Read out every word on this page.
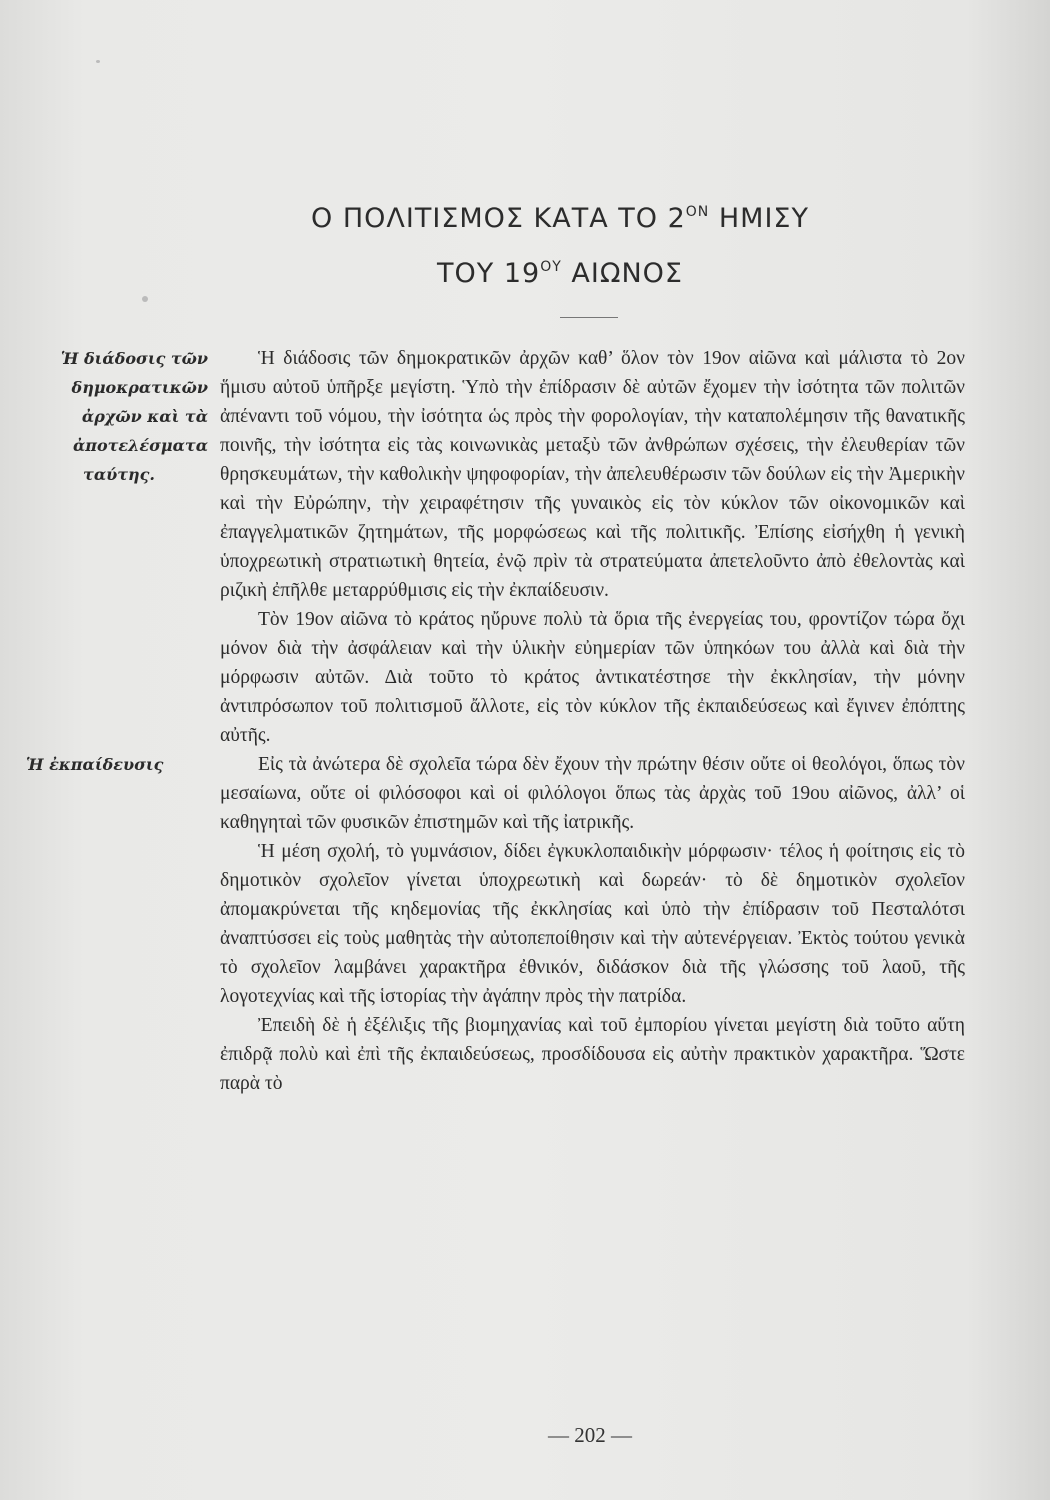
Ο ΠΟΛΙΤΙΣΜΟΣ ΚΑΤΑ ΤΟ $2^{ON}$ ΗΜΙΣΥ
ΤΟΥ $19^{O\Upsilon}$ ΑΙΩΝΟΣ
Ἡ διάδοσις τῶν
δημοκρατικῶν
ἀρχῶν καὶ τὰ
ἀποτελέσματα
ταύτης.
Ἡ ἐκπαίδευσις

Ἡ διάδοσις τῶν δημοκρατικῶν ἀρχῶν καθ’ ὅλον τὸν 19ον αἰῶνα καὶ μάλιστα τὸ 2ον ἥμισυ αὐτοῦ ὑπῆρξε μεγίστη. Ὑπὸ τὴν ἐπίδρασιν δὲ αὐτῶν ἔχομεν τὴν ἰσότητα τῶν πολιτῶν ἀπέναντι τοῦ νόμου, τὴν ἰσότητα ὡς πρὸς τὴν φορολογίαν, τὴν καταπολέμησιν τῆς θανατικῆς ποινῆς, τὴν ἰσότητα εἰς τὰς κοινωνικὰς μεταξὺ τῶν ἀνθρώπων σχέσεις, τὴν ἐλευθερίαν τῶν θρησκευμάτων, τὴν καθολικὴν ψηφοφορίαν, τὴν ἀπελευθέρωσιν τῶν δούλων εἰς τὴν Ἀμερικὴν καὶ τὴν Εὐρώπην, τὴν χειραφέτησιν τῆς γυναικὸς εἰς τὸν κύκλον τῶν οἰκονομικῶν καὶ ἐπαγγελματικῶν ζητημάτων, τῆς μορφώσεως καὶ τῆς πολιτικῆς. Ἐπίσης εἰσήχθη ἡ γενικὴ ὑποχρεωτικὴ στρατιωτικὴ θητεία, ἐνῷ πρὶν τὰ στρατεύματα ἀπετελοῦντο ἀπὸ ἐθελοντὰς καὶ ριζικὴ ἐπῆλθε μεταρρύθμισις εἰς τὴν ἐκπαίδευσιν.

Τὸν 19ον αἰῶνα τὸ κράτος ηὔρυνε πολὺ τὰ ὅρια τῆς ἐνεργείας του, φροντίζον τώρα ὄχι μόνον διὰ τὴν ἀσφάλειαν καὶ τὴν ὑλικὴν εὐημερίαν τῶν ὑπηκόων του ἀλλὰ καὶ διὰ τὴν μόρφωσιν αὐτῶν. Διὰ τοῦτο τὸ κράτος ἀντικατέστησε τὴν ἐκκλησίαν, τὴν μόνην ἀντιπρόσωπον τοῦ πολιτισμοῦ ἄλλοτε, εἰς τὸν κύκλον τῆς ἐκπαιδεύσεως καὶ ἔγινεν ἐπόπτης αὐτῆς.

Εἰς τὰ ἀνώτερα δὲ σχολεῖα τώρα δὲν ἔχουν τὴν πρώτην θέσιν οὔτε οἱ θεολόγοι, ὅπως τὸν μεσαίωνα, οὔτε οἱ φιλόσοφοι καὶ οἱ φιλόλογοι ὅπως τὰς ἀρχὰς τοῦ 19ου αἰῶνος, ἀλλ’ οἱ καθηγηταὶ τῶν φυσικῶν ἐπιστημῶν καὶ τῆς ἰατρικῆς.

Ἡ μέση σχολή, τὸ γυμνάσιον, δίδει ἐγκυκλοπαιδικὴν μόρφωσιν· τέλος ἡ φοίτησις εἰς τὸ δημοτικὸν σχολεῖον γίνεται ὑποχρεωτικὴ καὶ δωρεάν· τὸ δὲ δημοτικὸν σχολεῖον ἀπομακρύνεται τῆς κηδεμονίας τῆς ἐκκλησίας καὶ ὑπὸ τὴν ἐπίδρασιν τοῦ Πεσταλότσι ἀναπτύσσει εἰς τοὺς μαθητὰς τὴν αὐτοπεποίθησιν καὶ τὴν αὐτενέργειαν. Ἐκτὸς τούτου γενικὰ τὸ σχολεῖον λαμβάνει χαρακτῆρα ἐθνικόν, διδάσκον διὰ τῆς γλώσσης τοῦ λαοῦ, τῆς λογοτεχνίας καὶ τῆς ἱστορίας τὴν ἀγάπην πρὸς τὴν πατρίδα.

Ἐπειδὴ δὲ ἡ ἐξέλιξις τῆς βιομηχανίας καὶ τοῦ ἐμπορίου γίνεται μεγίστη διὰ τοῦτο αὕτη ἐπιδρᾷ πολὺ καὶ ἐπὶ τῆς ἐκπαιδεύσεως, προσδίδουσα εἰς αὐτὴν πρακτικὸν χαρακτῆρα. Ὥστε παρὰ τὸ

— 202 —
